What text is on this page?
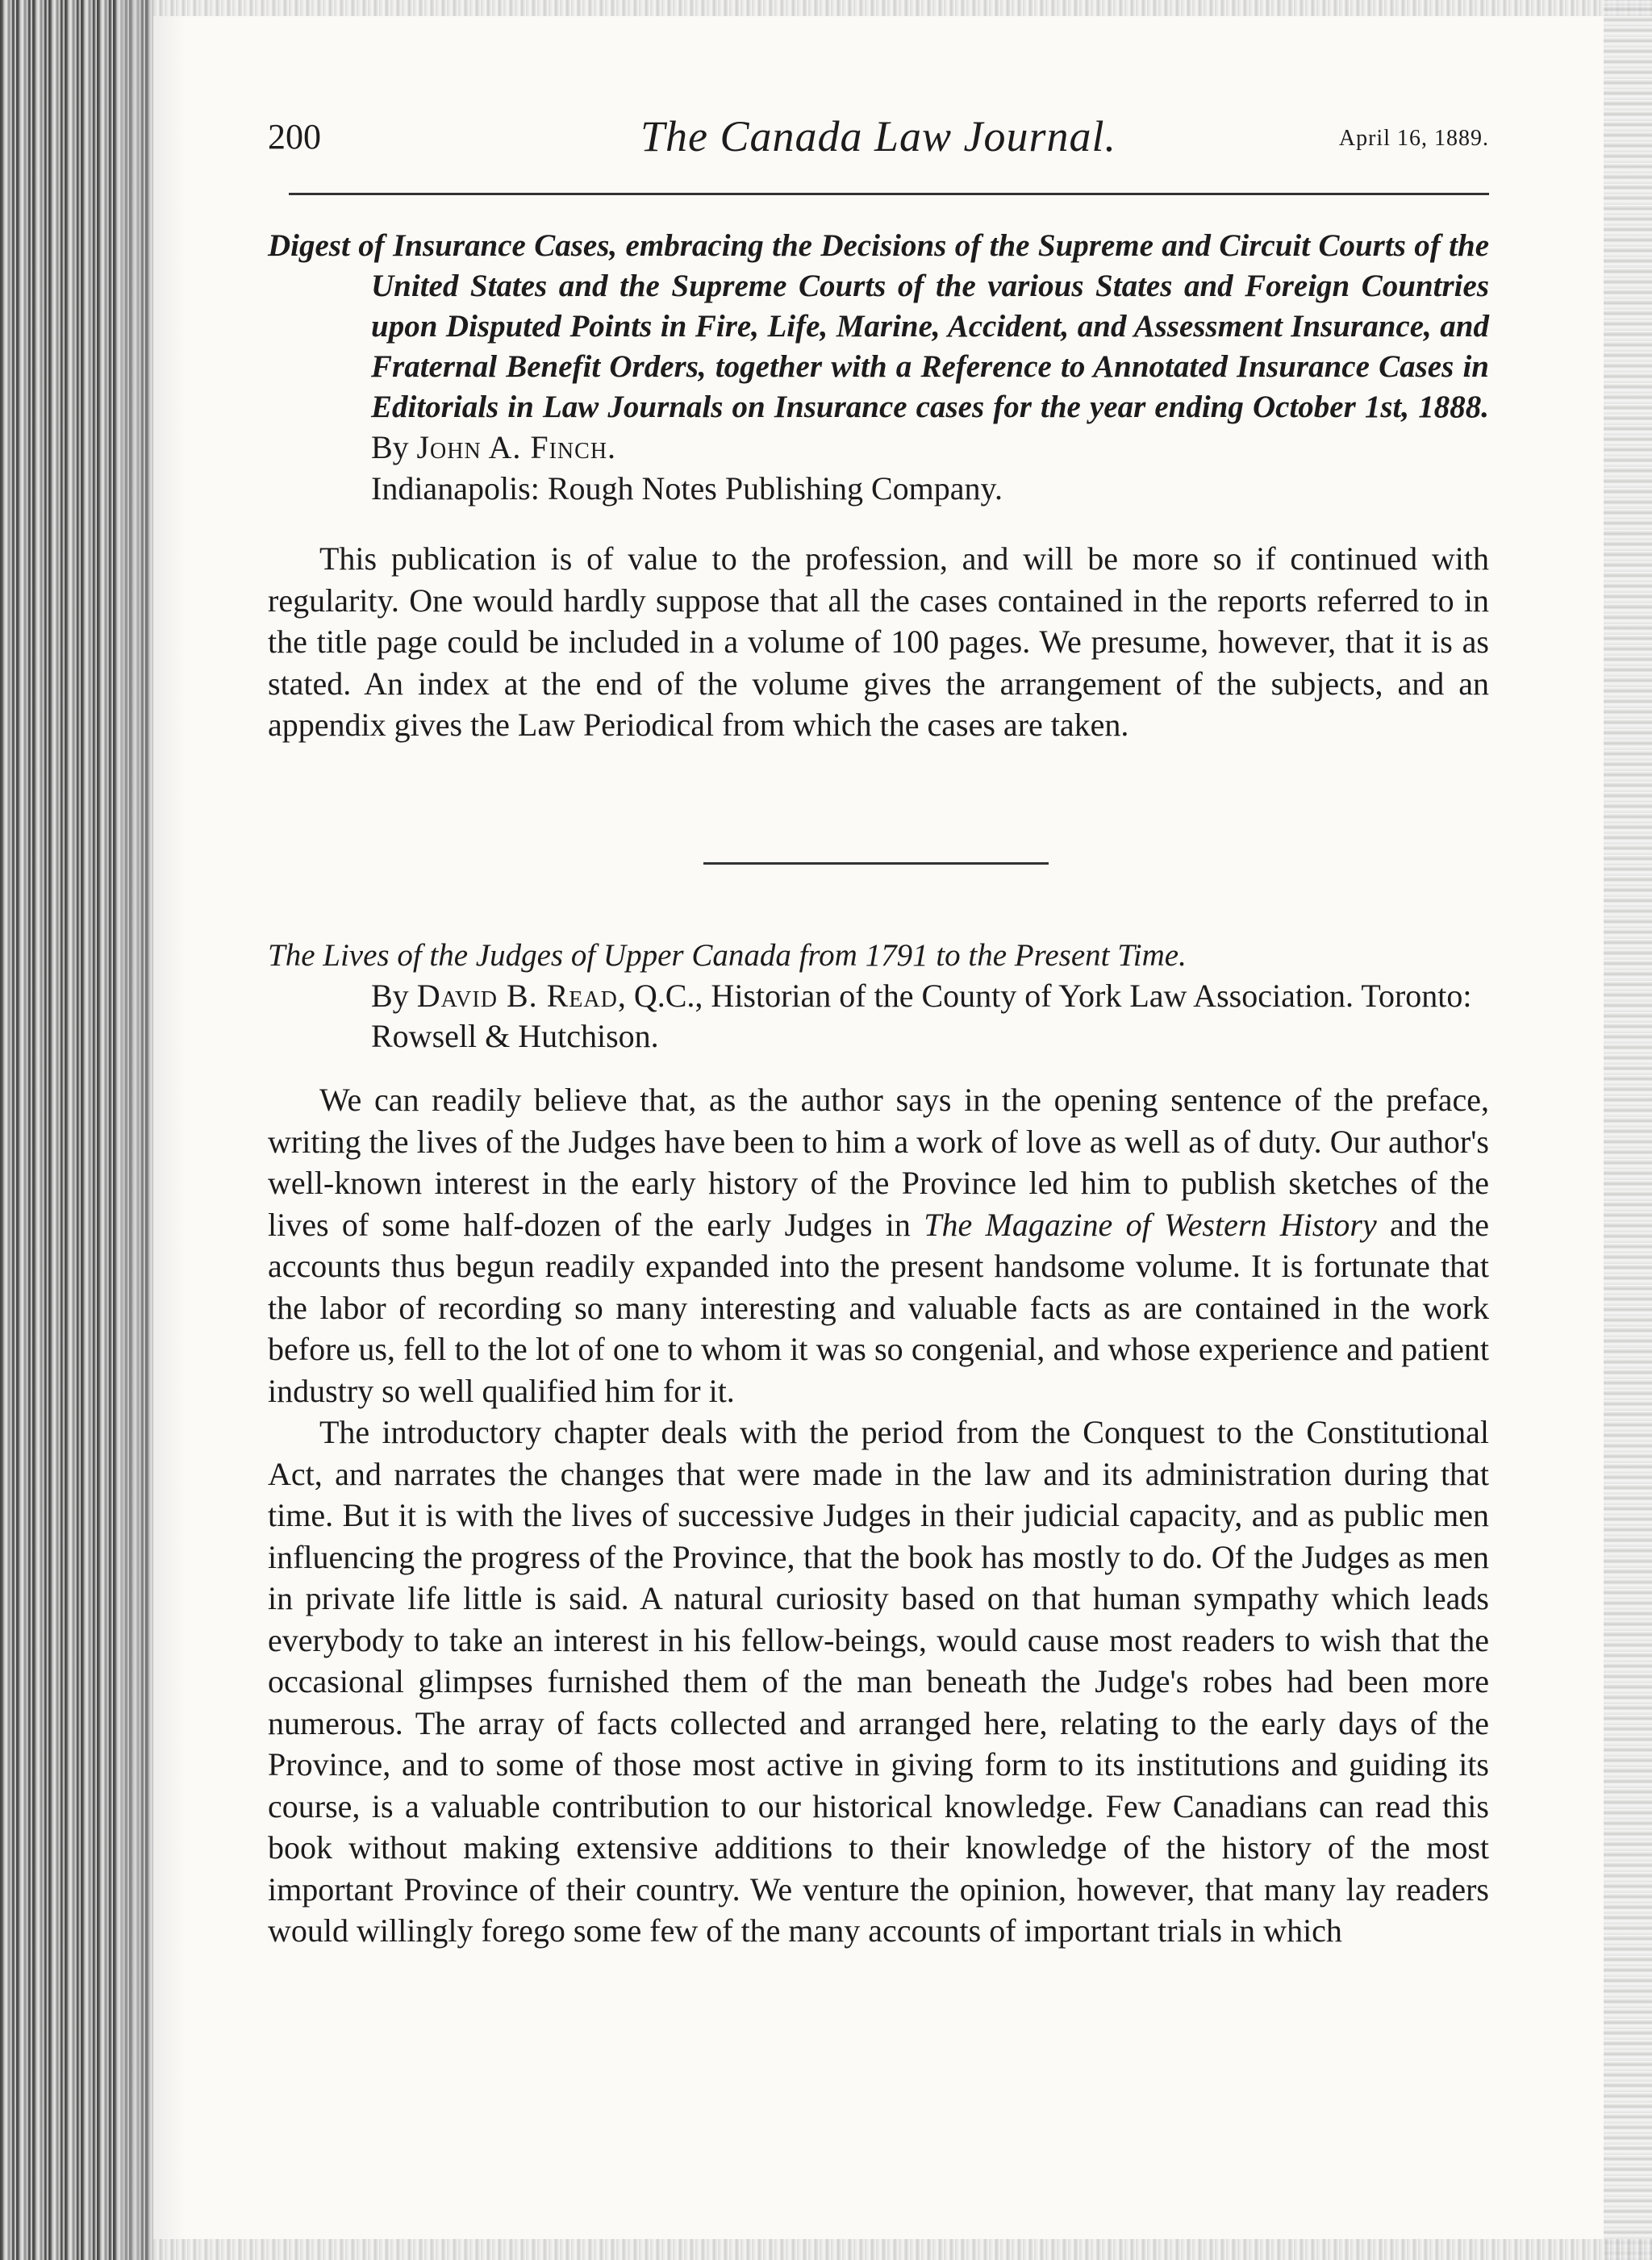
200	The Canada Law Journal.	April 16, 1889.

Digest of Insurance Cases, embracing the Decisions of the Supreme and Circuit Courts of the United States and the Supreme Courts of the various States and Foreign Countries upon Disputed Points in Fire, Life, Marine, Accident, and Assessment Insurance, and Fraternal Benefit Orders, together with a Reference to Annotated Insurance Cases in Editorials in Law Journals on Insurance cases for the year ending October 1st, 1888. By John A. Finch.

Indianapolis: Rough Notes Publishing Company.

This publication is of value to the profession, and will be more so if continued with regularity. One would hardly suppose that all the cases contained in the reports referred to in the title page could be included in a volume of 100 pages. We presume, however, that it is as stated. An index at the end of the volume gives the arrangement of the subjects, and an appendix gives the Law Periodical from which the cases are taken.

The Lives of the Judges of Upper Canada from 1791 to the Present Time.

By David B. Read, Q.C., Historian of the County of York Law Association. Toronto: Rowsell & Hutchison.

We can readily believe that, as the author says in the opening sentence of the preface, writing the lives of the Judges have been to him a work of love as well as of duty. Our author's well-known interest in the early history of the Province led him to publish sketches of the lives of some half-dozen of the early Judges in The Magazine of Western History and the accounts thus begun readily expanded into the present handsome volume. It is fortunate that the labor of recording so many interesting and valuable facts as are contained in the work before us, fell to the lot of one to whom it was so congenial, and whose experience and patient industry so well qualified him for it.

The introductory chapter deals with the period from the Conquest to the Constitutional Act, and narrates the changes that were made in the law and its administration during that time. But it is with the lives of successive Judges in their judicial capacity, and as public men influencing the progress of the Province, that the book has mostly to do. Of the Judges as men in private life little is said. A natural curiosity based on that human sympathy which leads everybody to take an interest in his fellow-beings, would cause most readers to wish that the occasional glimpses furnished them of the man beneath the Judge's robes had been more numerous. The array of facts collected and arranged here, relating to the early days of the Province, and to some of those most active in giving form to its institutions and guiding its course, is a valuable contribution to our historical knowledge. Few Canadians can read this book without making extensive additions to their knowledge of the history of the most important Province of their country. We venture the opinion, however, that many lay readers would willingly forego some few of the many accounts of important trials in which
